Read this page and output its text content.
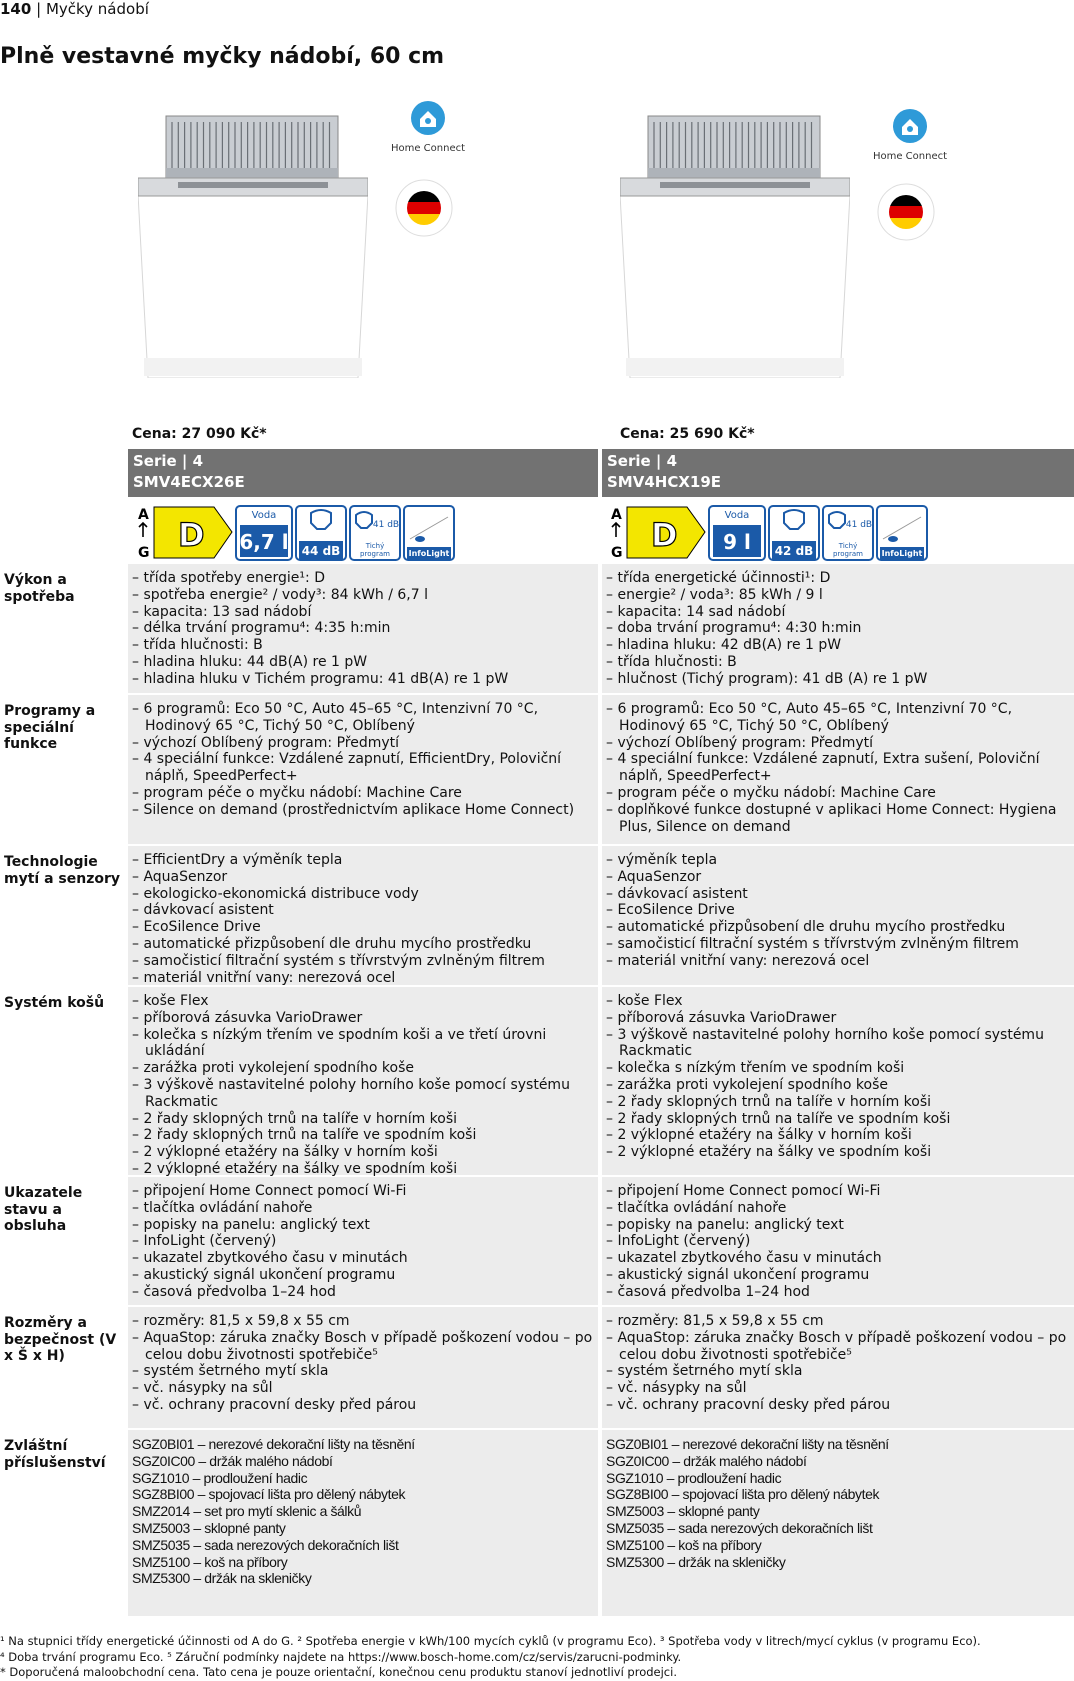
140 | Myčky nádobí
Plně vestavné myčky nádobí, 60 cm
Home Connect
Home Connect
Cena: 27 090 Kč*	Cena: 25 690 Kč*
Serie | 4
SMV4ECX26E
Serie | 4
SMV4HCX19E
A
G D
Voda
6,7 l 44 dB
41 dB
Tichý
program InfoLight
A
G D
Voda
9 l 42 dB
41 dB
Tichý
program InfoLight
Výkon a spotřeba
– třída spotřeby energie¹: D
– spotřeba energie² / vody³: 84 kWh / 6,7 l
– kapacita: 13 sad nádobí
– délka trvání programu⁴: 4:35 h:min
– třída hlučnosti: B
– hladina hluku: 44 dB(A) re 1 pW
– hladina hluku v Tichém programu: 41 dB(A) re 1 pW
– třída energetické účinnosti¹: D
– energie² / voda³: 85 kWh / 9 l
– kapacita: 14 sad nádobí
– doba trvání programu⁴: 4:30 h:min
– hladina hluku: 42 dB(A) re 1 pW
– třída hlučnosti: B
– hlučnost (Tichý program): 41 dB (A) re 1 pW
Programy a speciální funkce
– 6 programů: Eco 50 °C, Auto 45–65 °C, Intenzivní 70 °C, Hodinový 65 °C, Tichý 50 °C, Oblíbený
– výchozí Oblíbený program: Předmytí
– 4 speciální funkce: Vzdálené zapnutí, EfficientDry, Poloviční náplň, SpeedPerfect+
– program péče o myčku nádobí: Machine Care
– Silence on demand (prostřednictvím aplikace Home Connect)
– 6 programů: Eco 50 °C, Auto 45–65 °C, Intenzivní 70 °C, Hodinový 65 °C, Tichý 50 °C, Oblíbený
– výchozí Oblíbený program: Předmytí
– 4 speciální funkce: Vzdálené zapnutí, Extra sušení, Poloviční náplň, SpeedPerfect+
– program péče o myčku nádobí: Machine Care
– doplňkové funkce dostupné v aplikaci Home Connect: Hygiena Plus, Silence on demand
Technologie mytí a senzory
– EfficientDry a výměník tepla
– AquaSenzor
– ekologicko-ekonomická distribuce vody
– dávkovací asistent
– EcoSilence Drive
– automatické přizpůsobení dle druhu mycího prostředku
– samočisticí filtrační systém s třívrstvým zvlněným filtrem
– materiál vnitřní vany: nerezová ocel
– výměník tepla
– AquaSenzor
– dávkovací asistent
– EcoSilence Drive
– automatické přizpůsobení dle druhu mycího prostředku
– samočisticí filtrační systém s třívrstvým zvlněným filtrem
– materiál vnitřní vany: nerezová ocel
Systém košů
–	koše Flex
– příborová zásuvka VarioDrawer
– kolečka s nízkým třením ve spodním koši a ve třetí úrovni ukládání
– zarážka proti vykolejení spodního koše
– 3 výškově nastavitelné polohy horního koše pomocí systému Rackmatic
– 2 řady sklopných trnů na talíře v horním koši
– 2 řady sklopných trnů na talíře ve spodním koši
– 2 výklopné etažéry na šálky v horním koši
– 2 výklopné etažéry na šálky ve spodním koši
– koše Flex
– příborová zásuvka VarioDrawer
– 3 výškově nastavitelné polohy horního koše pomocí systému Rackmatic
– kolečka s nízkým třením ve spodním koši
– zarážka proti vykolejení spodního koše
– 2 řady sklopných trnů na talíře v horním koši
– 2 řady sklopných trnů na talíře ve spodním koši
– 2 výklopné etažéry na šálky v horním koši
– 2 výklopné etažéry na šálky ve spodním koši
Ukazatele stavu a obsluha
– připojení Home Connect pomocí Wi-Fi
– tlačítka ovládání nahoře
– popisky na panelu: anglický text
– InfoLight (červený)
– ukazatel zbytkového času v minutách
– akustický signál ukončení programu
– časová předvolba 1–24 hod
– připojení Home Connect pomocí Wi-Fi
– tlačítka ovládání nahoře
– popisky na panelu: anglický text
– InfoLight (červený)
– ukazatel zbytkového času v minutách
– akustický signál ukončení programu
– časová předvolba 1–24 hod
Rozměry a bezpečnost (V x Š x H)
– rozměry: 81,5 x 59,8 x 55 cm
– AquaStop: záruka značky Bosch v případě poškození vodou – po celou dobu životnosti spotřebiče⁵
– systém šetrného mytí skla
– vč. násypky na sůl
– vč. ochrany pracovní desky před párou
– rozměry: 81,5 x 59,8 x 55 cm
– AquaStop: záruka značky Bosch v případě poškození vodou – po celou dobu životnosti spotřebiče⁵
– systém šetrného mytí skla
– vč. násypky na sůl
– vč. ochrany pracovní desky před párou
Zvláštní příslušenství
SGZ0BI01 – nerezové dekorační lišty na těsnění
SGZ0IC00 – držák malého nádobí
SGZ1010 – prodloužení hadic
SGZ8BI00 – spojovací lišta pro dělený nábytek
SMZ2014 – set pro mytí sklenic a šálků
SMZ5003 – sklopné panty
SMZ5035 – sada nerezových dekoračních lišt
SMZ5100 – koš na příbory
SMZ5300 – držák na skleničky
SGZ0BI01 – nerezové dekorační lišty na těsnění
SGZ0IC00 – držák malého nádobí
SGZ1010 – prodloužení hadic
SGZ8BI00 – spojovací lišta pro dělený nábytek
SMZ5003 – sklopné panty
SMZ5035 – sada nerezových dekoračních lišt
SMZ5100 – koš na příbory
SMZ5300 – držák na skleničky
¹ Na stupnici třídy energetické účinnosti od A do G. ² Spotřeba energie v kWh/100 mycích cyklů (v programu Eco). ³ Spotřeba vody v litrech/mycí cyklus (v programu Eco).
⁴ Doba trvání programu Eco. ⁵ Záruční podmínky najdete na https://www.bosch-home.com/cz/servis/zarucni-podminky.
* Doporučená maloobchodní cena. Tato cena je pouze orientační, konečnou cenu produktu stanoví jednotliví prodejci.
